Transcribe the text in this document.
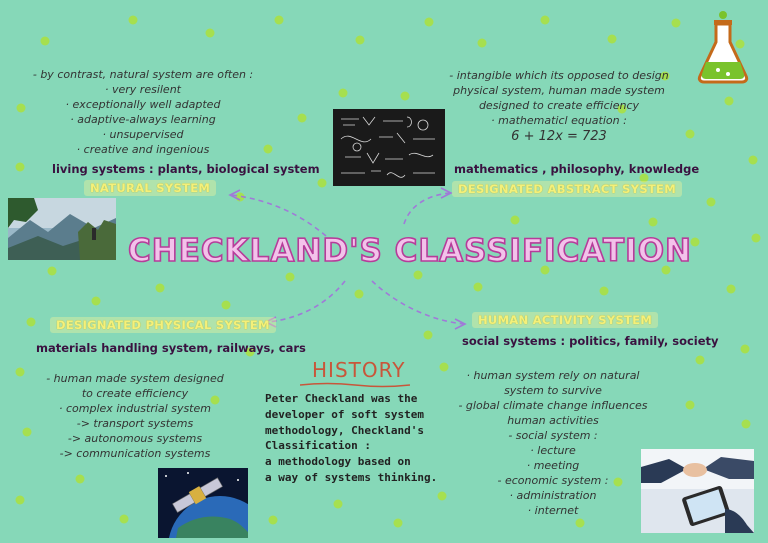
- by contrast, natural system are often :
· very resilent
· exceptionally well adapted
· adaptive-always learning
· unsupervised
· creative and ingenious
living systems : plants, biological system
NATURAL SYSTEM
- intangible which its opposed to design
physical system, human made system
designed to create efficiency
· mathematicl equation :
6 + 12x = 723
mathematics , philosophy, knowledge
DESIGNATED ABSTRACT SYSTEM
CHECKLAND'S CLASSIFICATION
DESIGNATED PHYSICAL SYSTEM
materials handling system, railways, cars
- human made system designed
to create efficiency
· complex industrial system
-> transport systems
-> autonomous systems
-> communication systems
HISTORY
Peter Checkland was the
developer of soft system
methodology, Checkland's
Classification :
a methodology based on
a way of systems thinking.
HUMAN ACTIVITY SYSTEM
social systems : politics, family, society
· human system rely on natural
system to survive
- global climate change influences
human activities
- social system :
· lecture
· meeting
- economic system :
· administration
· internet
